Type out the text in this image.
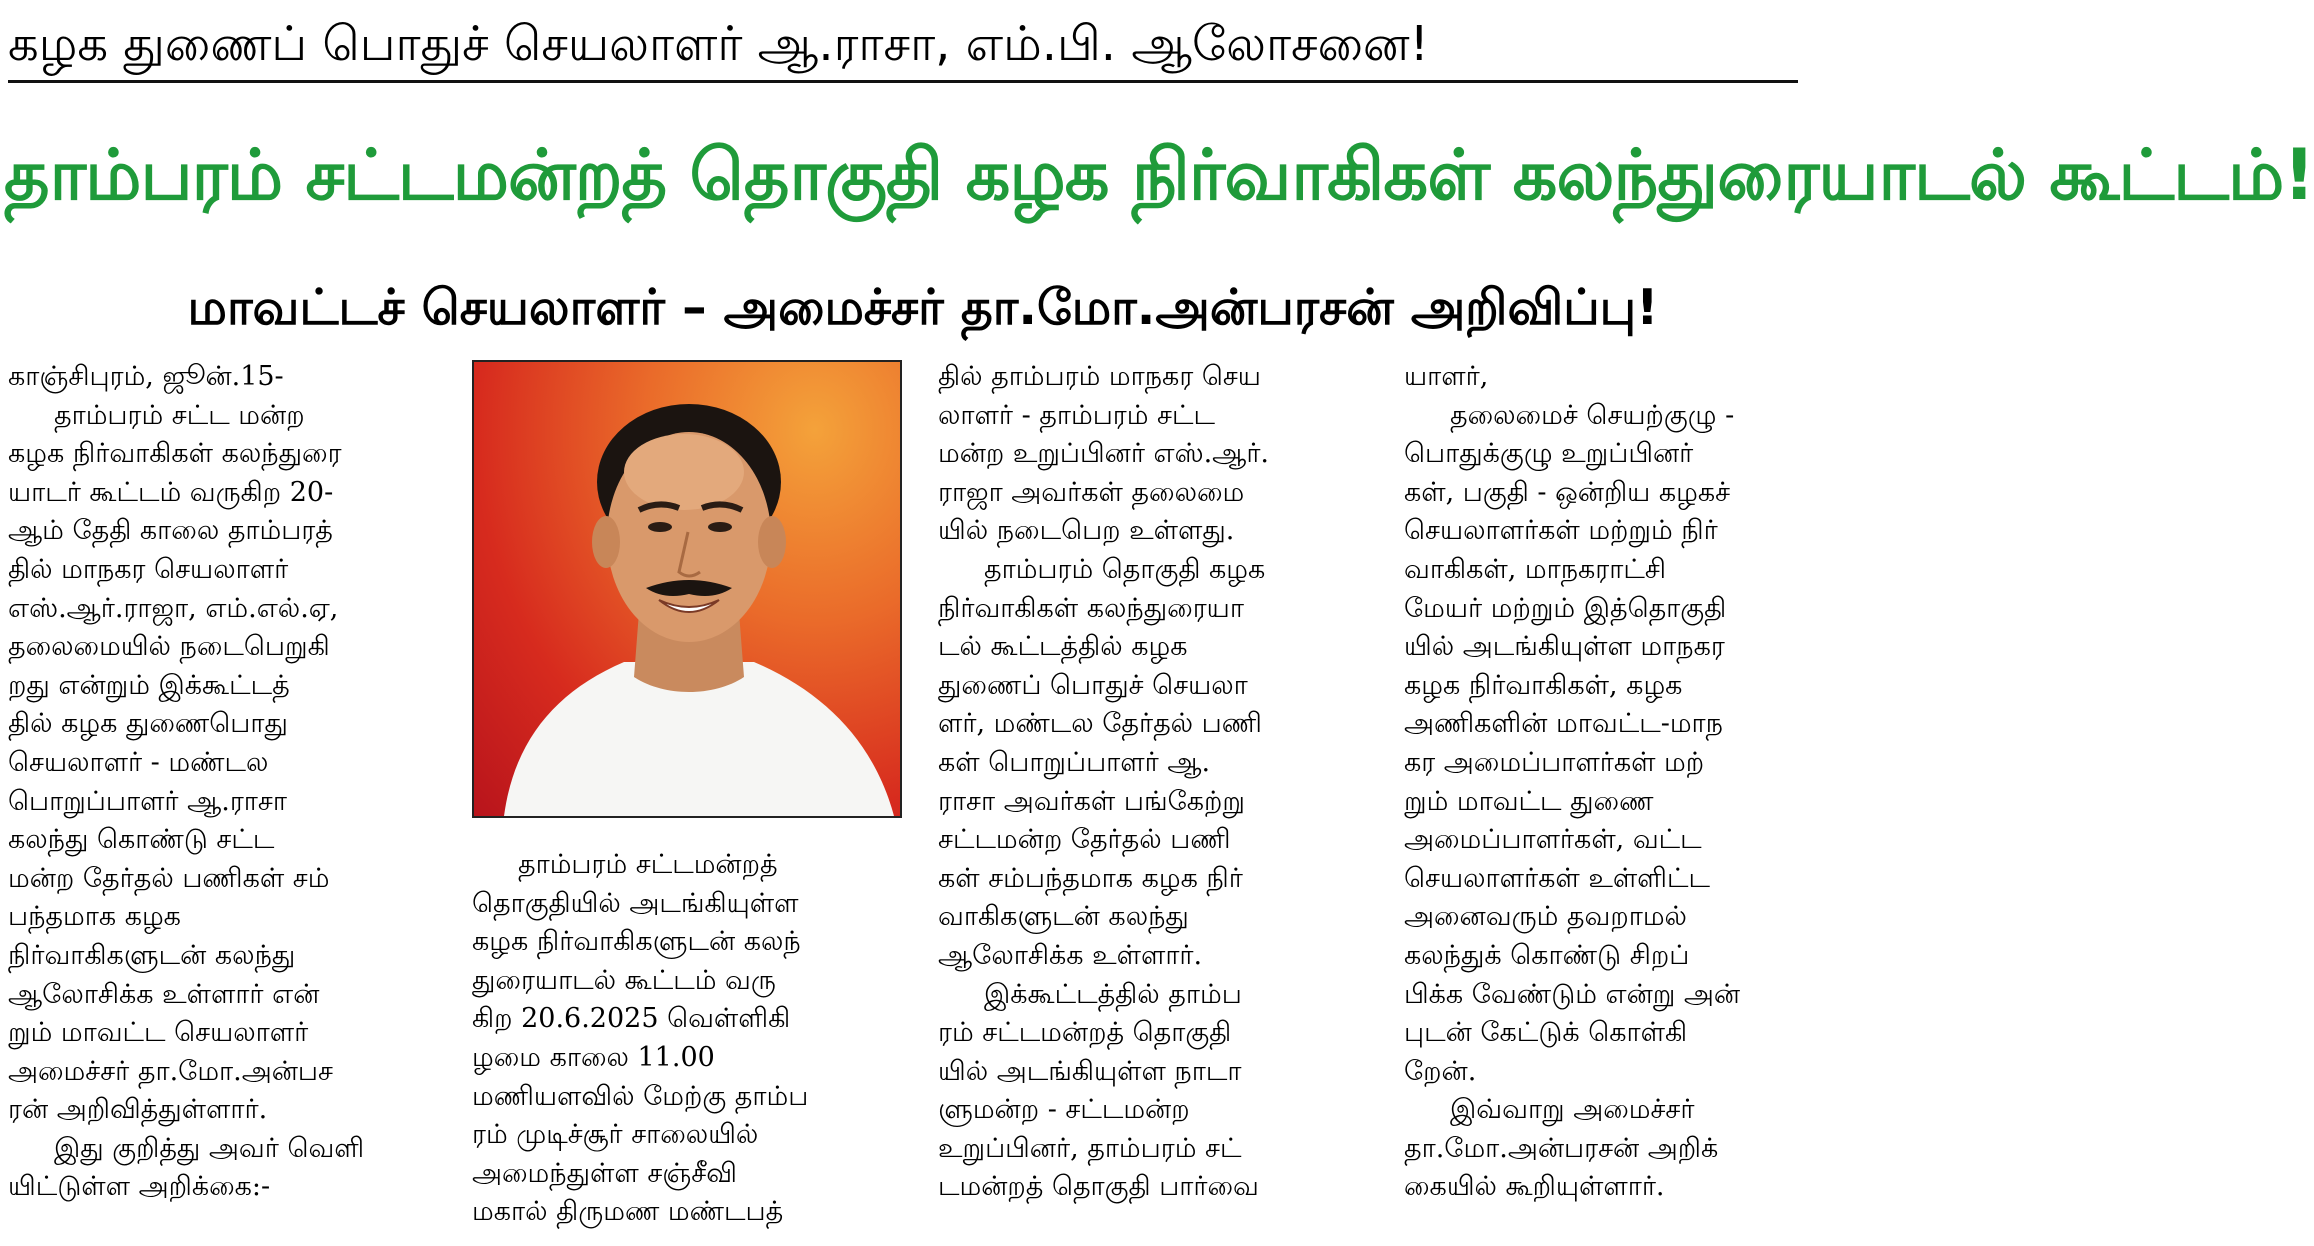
கழக துணைப் பொதுச் செயலாளர் ஆ.ராசா, எம்.பி. ஆலோசனை!
தாம்பரம் சட்டமன்றத் தொகுதி கழக நிர்வாகிகள் கலந்துரையாடல் கூட்டம்!
மாவட்டச் செயலாளர் – அமைச்சர் தா.மோ.அன்பரசன் அறிவிப்பு!
காஞ்சிபுரம், ஜூன்.15-
தாம்பரம் சட்ட மன்ற
கழக நிர்வாகிகள் கலந்துரை
யாடர் கூட்டம் வருகிற 20-
ஆம் தேதி காலை தாம்பரத்
தில் மாநகர செயலாளர்
எஸ்.ஆர்.ராஜா, எம்.எல்.ஏ,
தலைமையில் நடைபெறுகி
றது என்றும் இக்கூட்டத்
தில் கழக துணைபொது
செயலாளர் - மண்டல
பொறுப்பாளர் ஆ.ராசா
கலந்து கொண்டு சட்ட
மன்ற தேர்தல் பணிகள் சம்
பந்தமாக கழக
நிர்வாகிகளுடன் கலந்து
ஆலோசிக்க உள்ளார் என்
றும் மாவட்ட செயலாளர்
அமைச்சர் தா.மோ.அன்பச
ரன் அறிவித்துள்ளார்.
இது குறித்து அவர் வெளி
யிட்டுள்ள அறிக்கை:-
தாம்பரம் சட்டமன்றத்
தொகுதியில் அடங்கியுள்ள
கழக நிர்வாகிகளுடன் கலந்
துரையாடல் கூட்டம் வரு
கிற 20.6.2025 வெள்ளிகி
ழமை காலை 11.00
மணியளவில் மேற்கு தாம்ப
ரம் முடிச்சூர் சாலையில்
அமைந்துள்ள சஞ்சீவி
மகால் திருமண மண்டபத்
தில் தாம்பரம் மாநகர செய
லாளர் - தாம்பரம் சட்ட
மன்ற உறுப்பினர் எஸ்.ஆர்.
ராஜா அவர்கள் தலைமை
யில் நடைபெற உள்ளது.
தாம்பரம் தொகுதி கழக
நிர்வாகிகள் கலந்துரையா
டல் கூட்டத்தில் கழக
துணைப் பொதுச் செயலா
ளர், மண்டல தேர்தல் பணி
கள் பொறுப்பாளர் ஆ.
ராசா அவர்கள் பங்கேற்று
சட்டமன்ற தேர்தல் பணி
கள் சம்பந்தமாக கழக நிர்
வாகிகளுடன் கலந்து
ஆலோசிக்க உள்ளார்.
இக்கூட்டத்தில் தாம்ப
ரம் சட்டமன்றத் தொகுதி
யில் அடங்கியுள்ள நாடா
ளுமன்ற - சட்டமன்ற
உறுப்பினர், தாம்பரம் சட்
டமன்றத் தொகுதி பார்வை
யாளர்,
தலைமைச் செயற்குழு -
பொதுக்குழு உறுப்பினர்
கள், பகுதி - ஒன்றிய கழகச்
செயலாளர்கள் மற்றும் நிர்
வாகிகள், மாநகராட்சி
மேயர் மற்றும் இத்தொகுதி
யில் அடங்கியுள்ள மாநகர
கழக நிர்வாகிகள், கழக
அணிகளின் மாவட்ட-மாந
கர அமைப்பாளர்கள் மற்
றும் மாவட்ட துணை
அமைப்பாளர்கள், வட்ட
செயலாளர்கள் உள்ளிட்ட
அனைவரும் தவறாமல்
கலந்துக் கொண்டு சிறப்
பிக்க வேண்டும் என்று அன்
புடன் கேட்டுக் கொள்கி
றேன்.
இவ்வாறு அமைச்சர்
தா.மோ.அன்பரசன் அறிக்
கையில் கூறியுள்ளார்.
